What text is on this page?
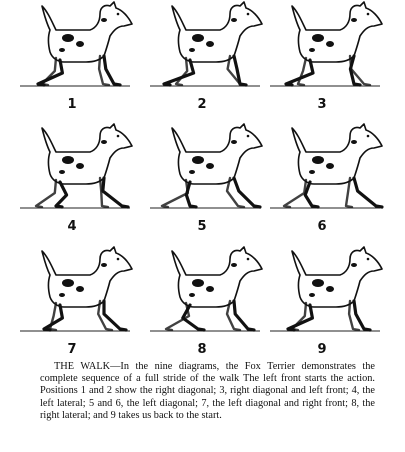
1	2	3
4	5	6
7	8	9

THE WALK—In the nine diagrams, the Fox Terrier demonstrates the complete sequence of a full stride of the walk The left front starts the action. Positions 1 and 2 show the right diagonal; 3, right diagonal and left front; 4, the left lateral; 5 and 6, the left diagonal; 7, the left diagonal and right front; 8, the right lateral; and 9 takes us back to the start.
